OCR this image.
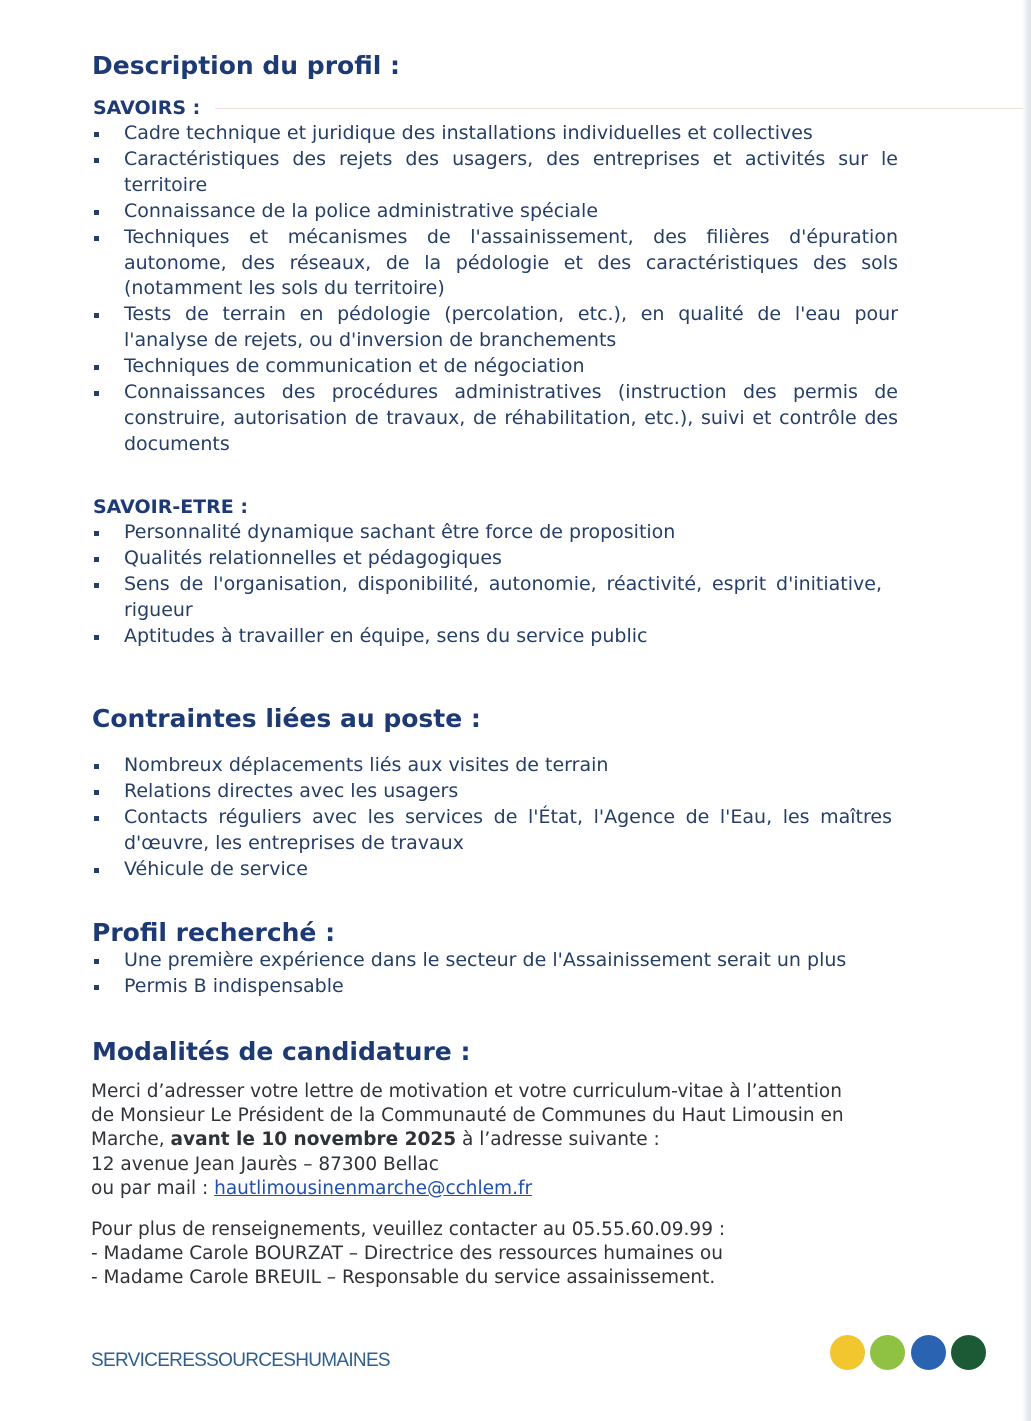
Description du profil :
SAVOIRS :
Cadre technique et juridique des installations individuelles et collectives
Caractéristiques des rejets des usagers, des entreprises et activités sur le territoire
Connaissance de la police administrative spéciale
Techniques et mécanismes de l'assainissement, des filières d'épuration autonome, des réseaux, de la pédologie et des caractéristiques des sols (notamment les sols du territoire)
Tests de terrain en pédologie (percolation, etc.), en qualité de l'eau pour l'analyse de rejets, ou d'inversion de branchements
Techniques de communication et de négociation
Connaissances des procédures administratives (instruction des permis de construire, autorisation de travaux, de réhabilitation, etc.), suivi et contrôle des documents
SAVOIR-ETRE :
Personnalité dynamique sachant être force de proposition
Qualités relationnelles et pédagogiques
Sens de l'organisation, disponibilité, autonomie, réactivité, esprit d'initiative, rigueur
Aptitudes à travailler en équipe, sens du service public
Contraintes liées au poste :
Nombreux déplacements liés aux visites de terrain
Relations directes avec les usagers
Contacts réguliers avec les services de l'État, l'Agence de l'Eau, les maîtres d'œuvre, les entreprises de travaux
Véhicule de service
Profil recherché :
Une première expérience dans le secteur de l'Assainissement serait un plus
Permis B indispensable
Modalités de candidature :
Merci d’adresser votre lettre de motivation et votre curriculum-vitae à l’attention
de Monsieur Le Président de la Communauté de Communes du Haut Limousin en
Marche, avant le 10 novembre 2025 à l’adresse suivante :
12 avenue Jean Jaurès – 87300 Bellac
ou par mail : hautlimousinenmarche@cchlem.fr
Pour plus de renseignements, veuillez contacter au 05.55.60.09.99 :
- Madame Carole BOURZAT – Directrice des ressources humaines ou
- Madame Carole BREUIL – Responsable du service assainissement.
SERVICERESSOURCESHUMAINES
